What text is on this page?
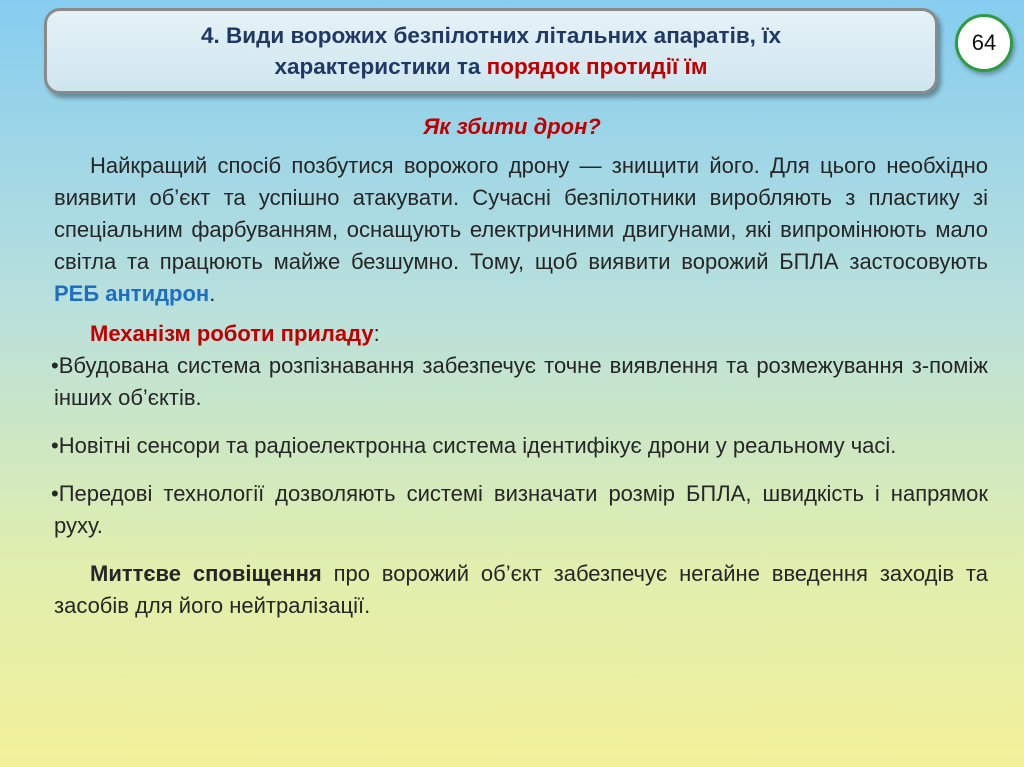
4. Види ворожих безпілотних літальних апаратів, їх
характеристики та порядок протидії їм
64
Як збити дрон?

Найкращий спосіб позбутися ворожого дрону — знищити його. Для цього необхідно виявити об’єкт та успішно атакувати. Сучасні безпілотники виробляють з пластику зі спеціальним фарбуванням, оснащують електричними двигунами, які випромінюють мало світла та працюють майже безшумно. Тому, щоб виявити ворожий БПЛА застосовують РЕБ антидрон.

Механізм роботи приладу:

•Вбудована система розпізнавання забезпечує точне виявлення та розмежування з-поміж інших об’єктів.

•Новітні сенсори та радіоелектронна система ідентифікує дрони у реальному часі.

•Передові технології дозволяють системі визначати розмір БПЛА, швидкість і напрямок руху.

Миттєве сповіщення про ворожий об’єкт забезпечує негайне введення заходів та засобів для його нейтралізації.
